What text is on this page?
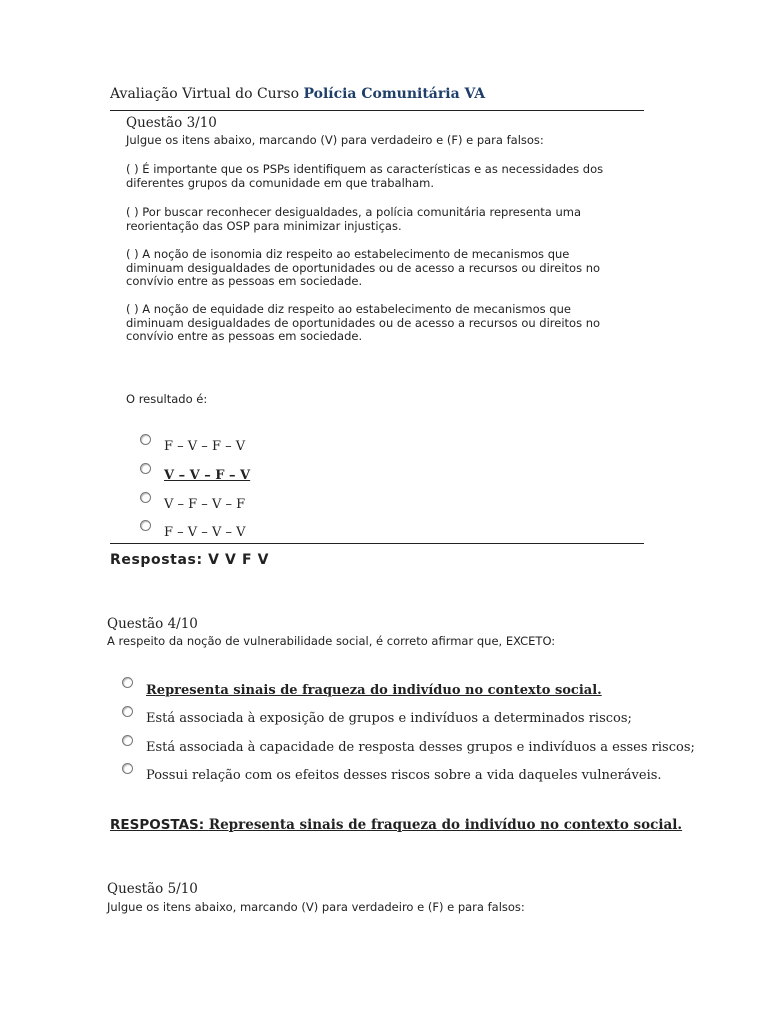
Avaliação Virtual do Curso Polícia Comunitária VA
Questão 3/10
Julgue os itens abaixo, marcando (V) para verdadeiro e (F) e para falsos:
( ) É importante que os PSPs identifiquem as características e as necessidades dos diferentes grupos da comunidade em que trabalham.
( ) Por buscar reconhecer desigualdades, a polícia comunitária representa uma reorientação das OSP para minimizar injustiças.
( ) A noção de isonomia diz respeito ao estabelecimento de mecanismos que diminuam desigualdades de oportunidades ou de acesso a recursos ou direitos no convívio entre as pessoas em sociedade.
( ) A noção de equidade diz respeito ao estabelecimento de mecanismos que diminuam desigualdades de oportunidades ou de acesso a recursos ou direitos no convívio entre as pessoas em sociedade.
O resultado é:
F – V – F – V
V – V – F – V
V – F – V – F
F – V – V – V
Respostas: V V F V
Questão 4/10
A respeito da noção de vulnerabilidade social, é correto afirmar que, EXCETO:
Representa sinais de fraqueza do indivíduo no contexto social.
Está associada à exposição de grupos e indivíduos a determinados riscos;
Está associada à capacidade de resposta desses grupos e indivíduos a esses riscos;
Possui relação com os efeitos desses riscos sobre a vida daqueles vulneráveis.
RESPOSTAS: Representa sinais de fraqueza do indivíduo no contexto social.
Questão 5/10
Julgue os itens abaixo, marcando (V) para verdadeiro e (F) e para falsos:
